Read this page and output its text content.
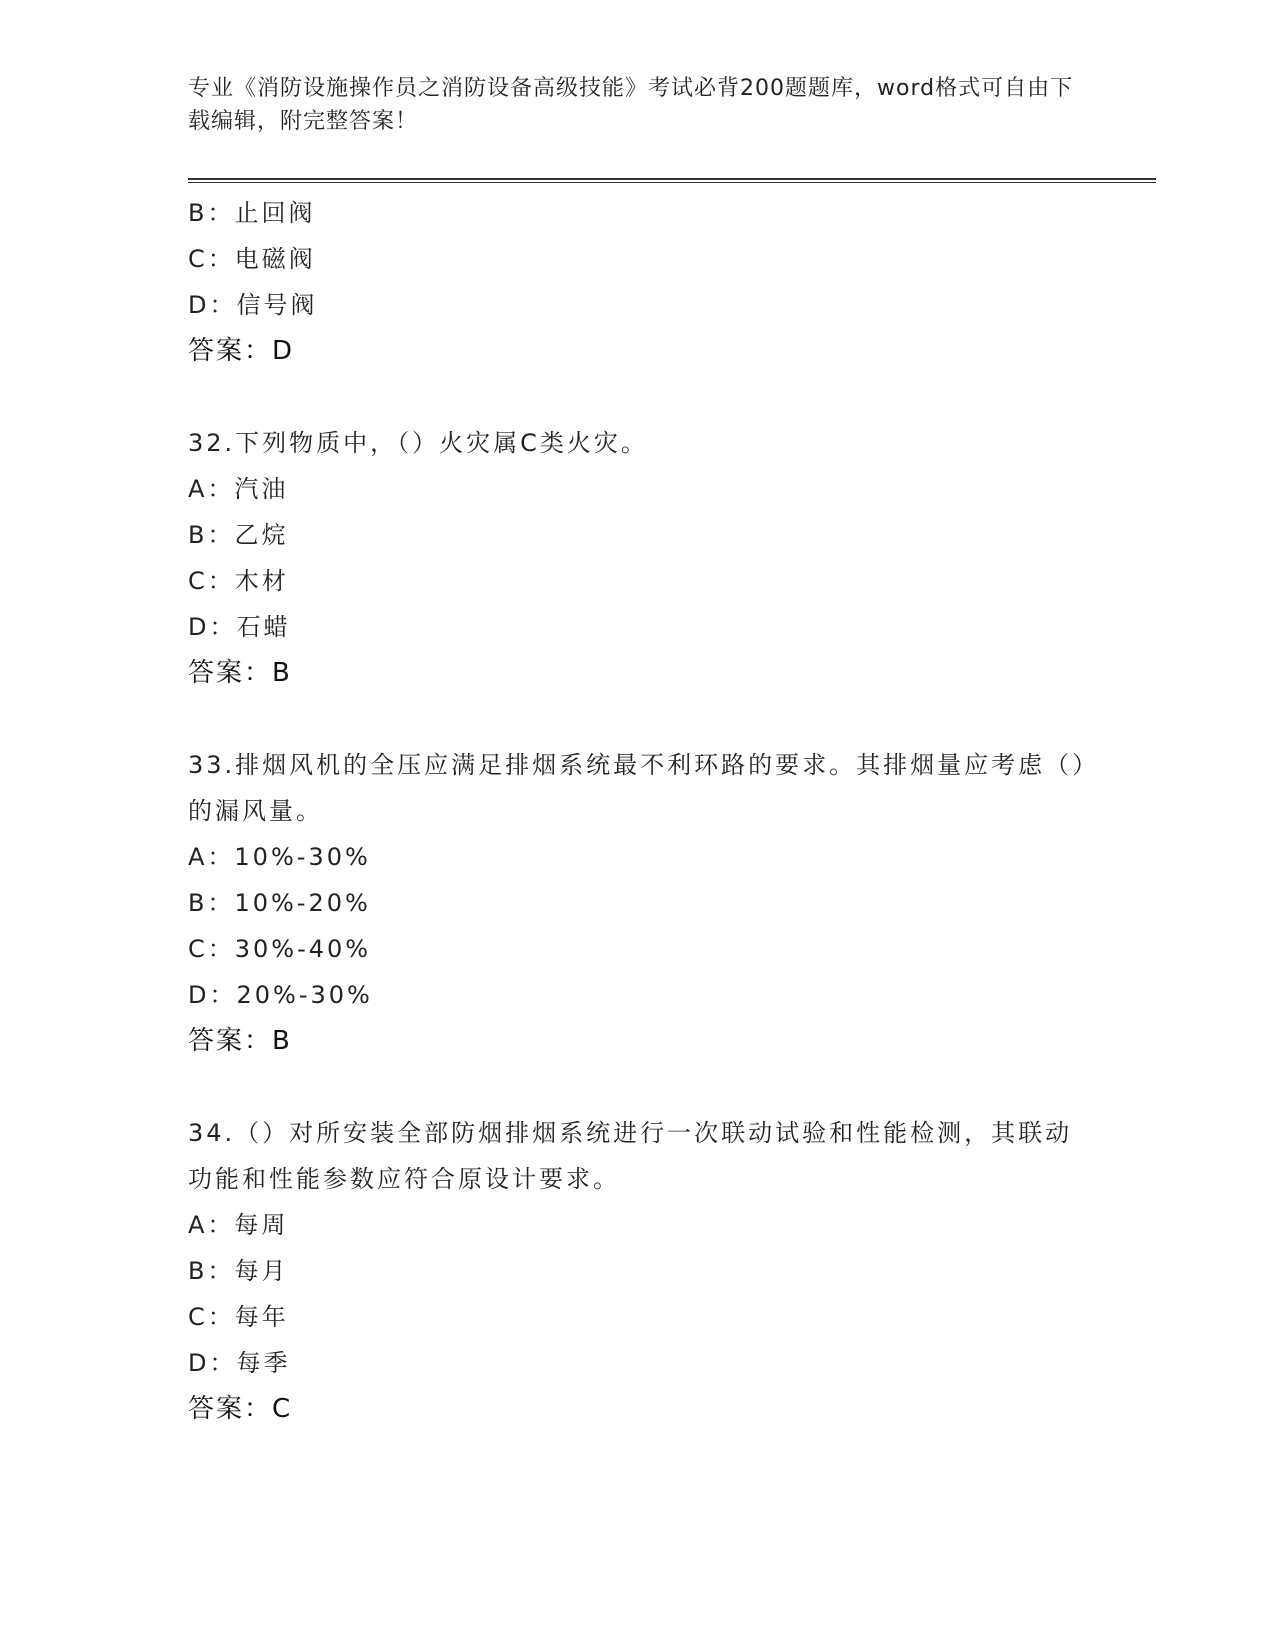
专业《消防设施操作员之消防设备高级技能》考试必背200题题库，word格式可自由下载编辑，附完整答案！
B：止回阀
C：电磁阀
D：信号阀
答案：D
32.下列物质中，（）火灾属C类火灾。
A：汽油
B：乙烷
C：木材
D：石蜡
答案：B
33.排烟风机的全压应满足排烟系统最不利环路的要求。其排烟量应考虑（）的漏风量。
A：10%-30%
B：10%-20%
C：30%-40%
D：20%-30%
答案：B
34.（）对所安装全部防烟排烟系统进行一次联动试验和性能检测，其联动功能和性能参数应符合原设计要求。
A：每周
B：每月
C：每年
D：每季
答案：C
